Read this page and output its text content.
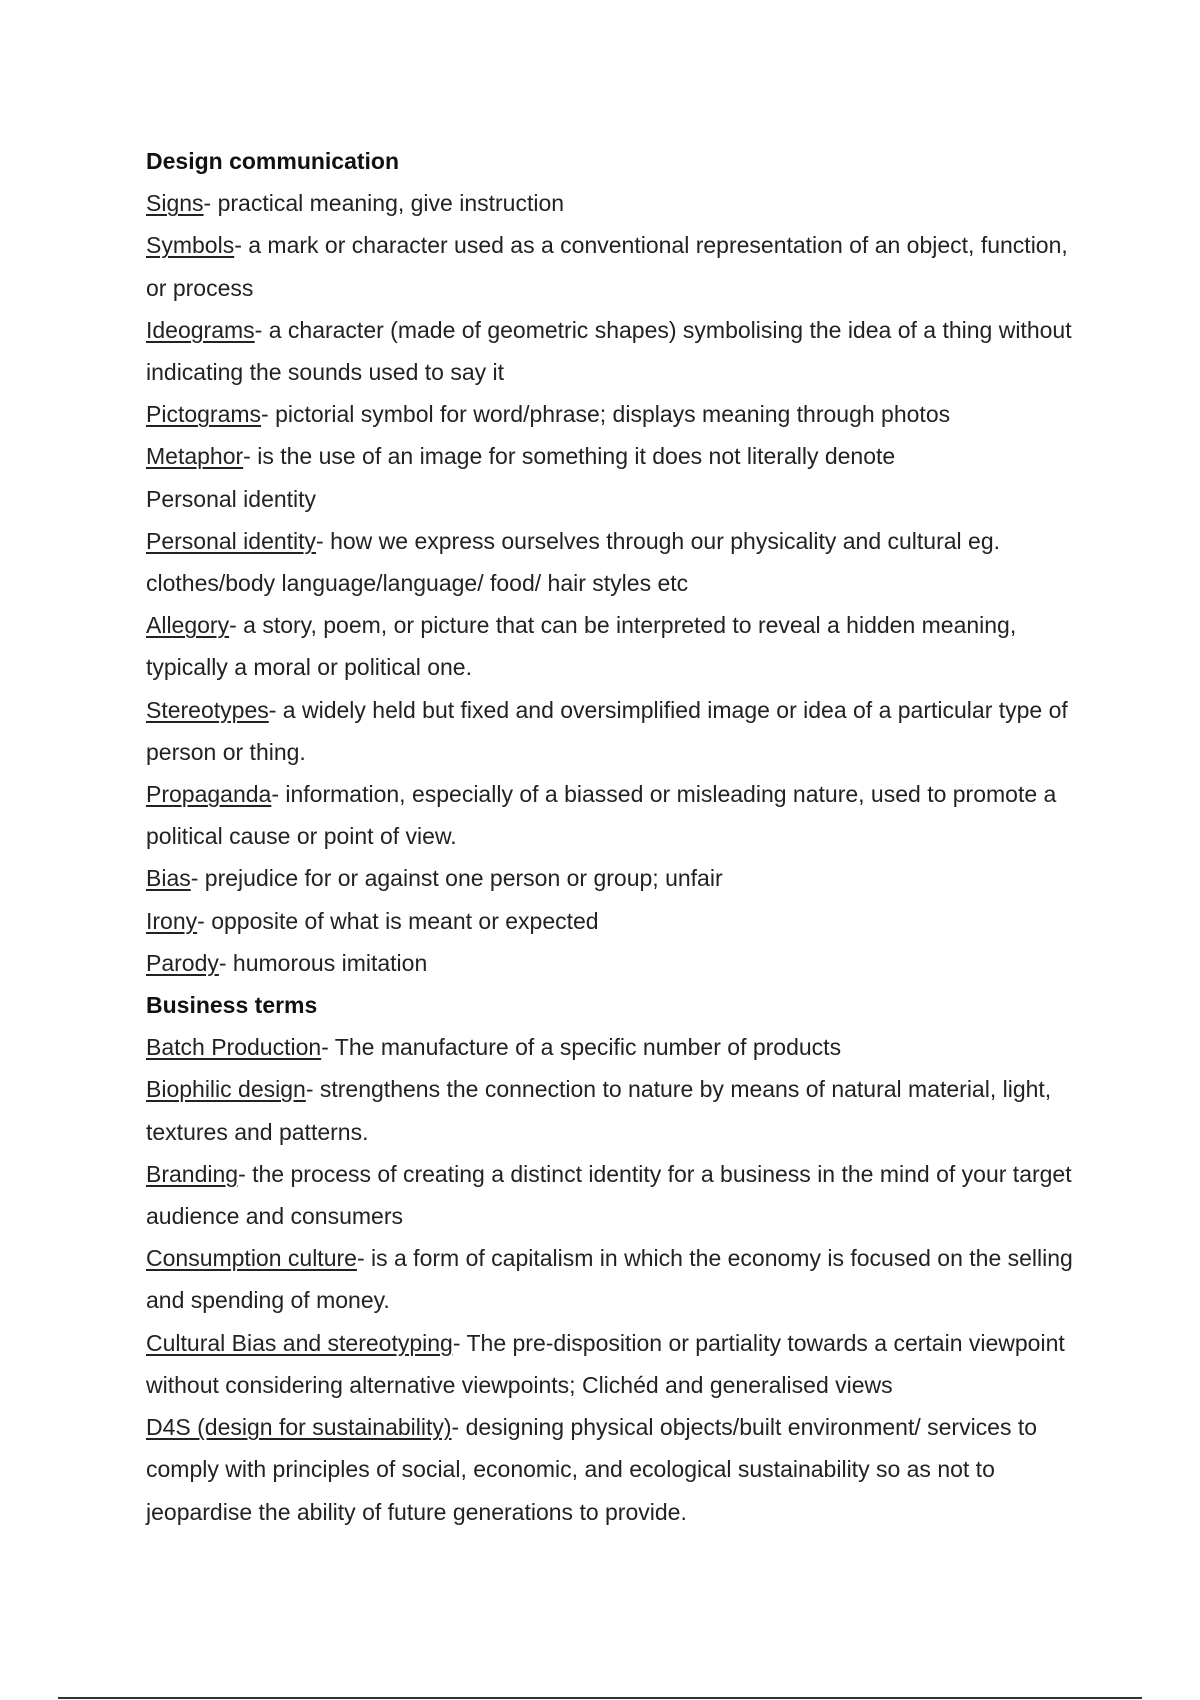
Design communication

Signs- practical meaning, give instruction

Symbols- a mark or character used as a conventional representation of an object, function, or process

Ideograms- a character (made of geometric shapes) symbolising the idea of a thing without indicating the sounds used to say it

Pictograms- pictorial symbol for word/phrase; displays meaning through photos

Metaphor- is the use of an image for something it does not literally denote

Personal identity

Personal identity- how we express ourselves through our physicality and cultural eg. clothes/body language/language/ food/ hair styles etc

Allegory- a story, poem, or picture that can be interpreted to reveal a hidden meaning, typically a moral or political one.

Stereotypes- a widely held but fixed and oversimplified image or idea of a particular type of person or thing.

Propaganda- information, especially of a biassed or misleading nature, used to promote a political cause or point of view.

Bias- prejudice for or against one person or group; unfair

Irony- opposite of what is meant or expected

Parody- humorous imitation

Business terms

Batch Production- The manufacture of a specific number of products

Biophilic design- strengthens the connection to nature by means of natural material, light, textures and patterns.

Branding- the process of creating a distinct identity for a business in the mind of your target audience and consumers

Consumption culture- is a form of capitalism in which the economy is focused on the selling and spending of money.

Cultural Bias and stereotyping- The pre-disposition or partiality towards a certain viewpoint without considering alternative viewpoints; Clichéd and generalised views

D4S (design for sustainability)- designing physical objects/built environment/ services to comply with principles of social, economic, and ecological sustainability so as not to jeopardise the ability of future generations to provide.
